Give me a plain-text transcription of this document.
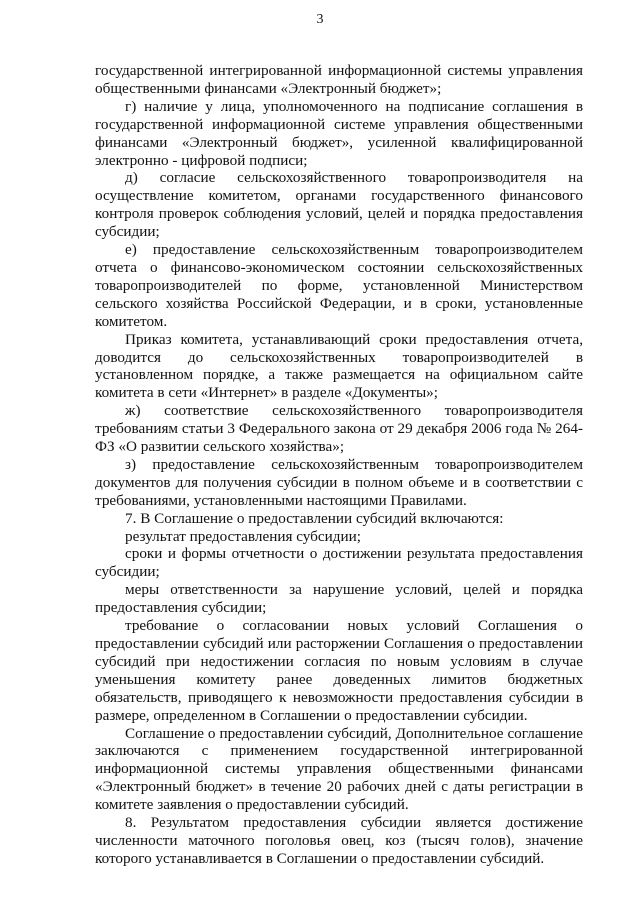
3

государственной интегрированной информационной системы управления общественными финансами «Электронный бюджет»;

г) наличие у лица, уполномоченного на подписание соглашения в государственной информационной системе управления общественными финансами «Электронный бюджет», усиленной квалифицированной электронно - цифровой подписи;

д) согласие сельскохозяйственного товаропроизводителя на осуществление комитетом, органами государственного финансового контроля проверок соблюдения условий, целей и порядка предоставления субсидии;

е) предоставление сельскохозяйственным товаропроизводителем отчета о финансово-экономическом состоянии сельскохозяйственных товаропроизводителей по форме, установленной Министерством сельского хозяйства Российской Федерации, и в сроки, установленные комитетом.

Приказ комитета, устанавливающий сроки предоставления отчета, доводится до сельскохозяйственных товаропроизводителей в установленном порядке, а также размещается на официальном сайте комитета в сети «Интернет» в разделе «Документы»;

ж) соответствие сельскохозяйственного товаропроизводителя требованиям статьи 3 Федерального закона от 29 декабря 2006 года № 264-ФЗ «О развитии сельского хозяйства»;

з) предоставление сельскохозяйственным товаропроизводителем документов для получения субсидии в полном объеме и в соответствии с требованиями, установленными настоящими Правилами.

7. В Соглашение о предоставлении субсидий включаются:

результат предоставления субсидии;

сроки и формы отчетности о достижении результата предоставления субсидии;

меры ответственности за нарушение условий, целей и порядка предоставления субсидии;

требование о согласовании новых условий Соглашения о предоставлении субсидий или расторжении Соглашения о предоставлении субсидий при недостижении согласия по новым условиям в случае уменьшения комитету ранее доведенных лимитов бюджетных обязательств, приводящего к невозможности предоставления субсидии в размере, определенном в Соглашении о предоставлении субсидии.

Соглашение о предоставлении субсидий, Дополнительное соглашение заключаются с применением государственной интегрированной информационной системы управления общественными финансами «Электронный бюджет» в течение 20 рабочих дней с даты регистрации в комитете заявления о предоставлении субсидий.

8. Результатом предоставления субсидии является достижение численности маточного поголовья овец, коз (тысяч голов), значение которого устанавливается в Соглашении о предоставлении субсидий.
